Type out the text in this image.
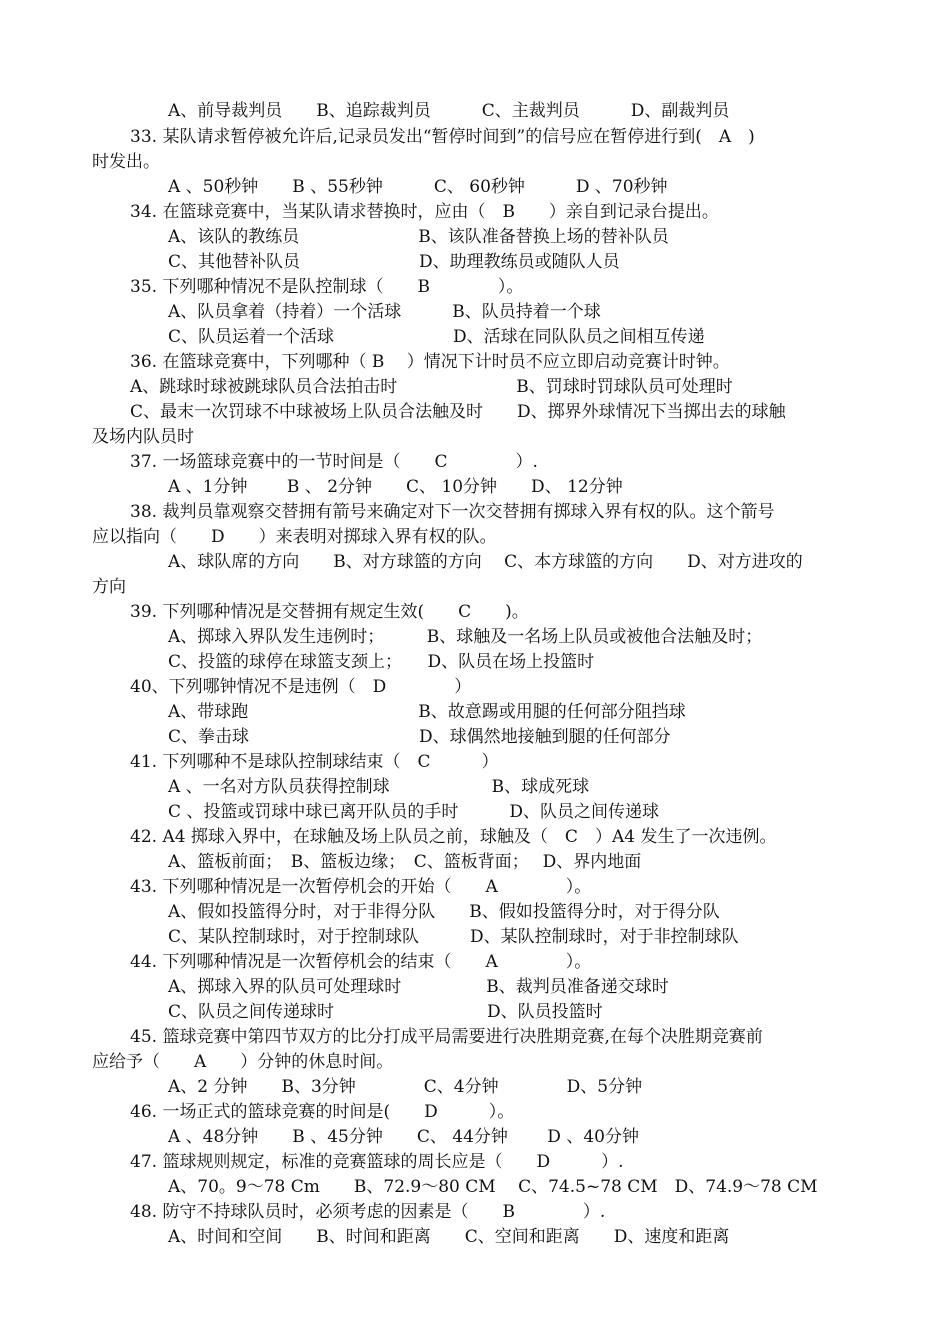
A、前导裁判员　　B、追踪裁判员　　　C、主裁判员　　　D、副裁判员
33. 某队请求暂停被允许后,记录员发出“暂停时间到”的信号应在暂停进行到(　A　)
时发出。
A 、50秒钟　　B 、55秒钟　　　C、 60秒钟　　　D 、70秒钟
34. 在篮球竞赛中，当某队请求替换时，应由（　B　　）亲自到记录台提出。
A、该队的教练员　　　　　　　B、该队准备替换上场的替补队员
C、其他替补队员　　　　　　　D、助理教练员或随队人员
35. 下列哪种情况不是队控制球（　　B　　　　）。
A、队员拿着（持着）一个活球　　　B、队员持着一个球
C、队员运着一个活球　　　　　　　D、活球在同队队员之间相互传递
36. 在篮球竞赛中，下列哪种（ B　 ）情况下计时员不应立即启动竞赛计时钟。
A、跳球时球被跳球队员合法拍击时　　　　　　　B、罚球时罚球队员可处理时
C、最末一次罚球不中球被场上队员合法触及时　　D、掷界外球情况下当掷出去的球触
及场内队员时
37. 一场篮球竞赛中的一节时间是（　　C　　　　）.
A 、1分钟　　 B 、 2分钟　　C、 10分钟　　D、 12分钟
38. 裁判员靠观察交替拥有箭号来确定对下一次交替拥有掷球入界有权的队。这个箭号
应以指向（　　D　　）来表明对掷球入界有权的队。
A、球队席的方向　　B、对方球篮的方向　 C、本方球篮的方向　　D、对方进攻的
方向
39. 下列哪种情况是交替拥有规定生效(　　C　　)。
A、掷球入界队发生违例时；　　　B、球触及一名场上队员或被他合法触及时；
C、投篮的球停在球篮支颈上；　　D、队员在场上投篮时
40、下列哪钟情况不是违例（　D　　　　）
A、带球跑　　　　　　　　　　B、故意踢或用腿的任何部分阻挡球
C、拳击球　　　　　　　　　　D、球偶然地接触到腿的任何部分
41. 下列哪种不是球队控制球结束（　C　　　）
A 、一名对方队员获得控制球　　　　　　B、球成死球
C 、投篮或罚球中球已离开队员的手时　　　D、队员之间传递球
42. A4 掷球入界中，在球触及场上队员之前，球触及（　C　）A4 发生了一次违例。
A、篮板前面；　B、篮板边缘；　C、篮板背面；　 D、界内地面
43. 下列哪种情况是一次暂停机会的开始（　　A　　　　）。
A、假如投篮得分时，对于非得分队　　B、假如投篮得分时，对于得分队
C、某队控制球时，对于控制球队　　　D、某队控制球时，对于非控制球队
44. 下列哪种情况是一次暂停机会的结束（　　A　　　　）。
A、掷球入界的队员可处理球时　　　　　B、裁判员准备递交球时
C、队员之间传递球时　　　　　　　　　D、队员投篮时
45. 篮球竞赛中第四节双方的比分打成平局需要进行决胜期竞赛,在每个决胜期竞赛前
应给予（　　A　　）分钟的休息时间。
A、2 分钟　　B、3分钟　　　　C、4分钟　　　　D、5分钟
46. 一场正式的篮球竞赛的时间是(　　D　　　）。
A 、48分钟　　B 、45分钟　　C、 44分钟　　 D 、40分钟
47. 篮球规则规定，标准的竞赛篮球的周长应是（　　D　　　）.
A、70。9～78 Cm　　B、72.9～80 CM　 C、74.5~78 CM　D、74.9～78 CM
48. 防守不持球队员时，必须考虑的因素是（　　B　　　　）.
A、时间和空间　　B、时间和距离　　C、空间和距离　　D、速度和距离
